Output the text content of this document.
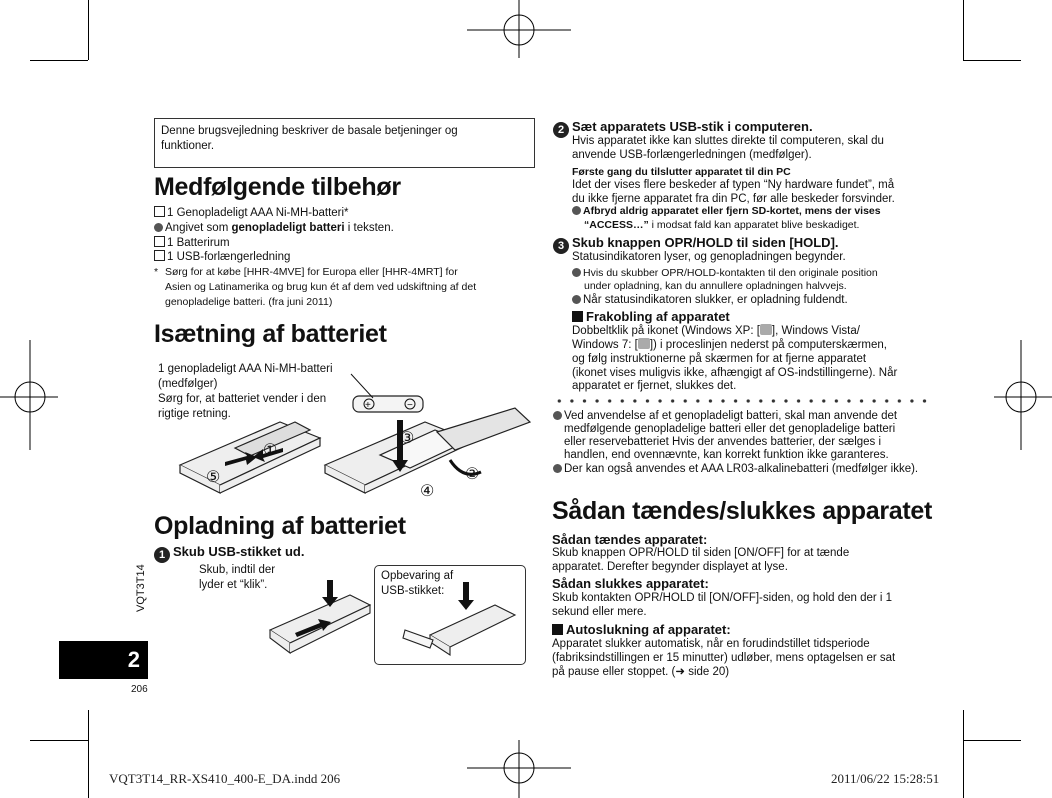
Denne brugsvejledning beskriver de basale betjeninger og
funktioner.
Medfølgende tilbehør
1 Genopladeligt AAA Ni-MH-batteri*
Angivet som genopladeligt batteri i teksten.
1 Batterirum
1 USB-forlængerledning
* Sørg for at købe [HHR-4MVE] for Europa eller [HHR-4MRT] for
Asien og Latinamerika og brug kun ét af dem ved udskiftning af det
genopladelige batteri. (fra juni 2011)
Isætning af batteriet
1 genopladeligt AAA Ni-MH-batteri
(medfølger)
Sørg for, at batteriet vender i den
rigtige retning.
+	−
①
②
③
④
⑤
Opladning af batteriet
1 Skub USB-stikket ud.
Skub, indtil der
lyder et “klik”.
Opbevaring af
USB-stikket:
2 Sæt apparatets USB-stik i computeren.
Hvis apparatet ikke kan sluttes direkte til computeren, skal du
anvende USB-forlængerledningen (medfølger).
Første gang du tilslutter apparatet til din PC
Idet der vises flere beskeder af typen “Ny hardware fundet”, må
du ikke fjerne apparatet fra din PC, før alle beskeder forsvinder.
Afbryd aldrig apparatet eller fjern SD-kortet, mens der vises
“ACCESS…” i modsat fald kan apparatet blive beskadiget.
3 Skub knappen OPR/HOLD til siden [HOLD].
Statusindikatoren lyser, og genopladningen begynder.
Hvis du skubber OPR/HOLD-kontakten til den originale position
under opladning, kan du annullere opladningen halvvejs.
Når statusindikatoren slukker, er opladning fuldendt.
Frakobling af apparatet
Dobbeltklik på ikonet (Windows XP: [ ], Windows Vista/
Windows 7: [ ]) i proceslinjen nederst på computerskærmen,
og følg instruktionerne på skærmen for at fjerne apparatet
(ikonet vises muligvis ikke, afhængigt af OS-indstillingerne). Når
apparatet er fjernet, slukkes det.
Ved anvendelse af et genopladeligt batteri, skal man anvende det
medfølgende genopladelige batteri eller det genopladelige batteri
eller reservebatteriet Hvis der anvendes batterier, der sælges i
handlen, end ovennævnte, kan korrekt funktion ikke garanteres.
Der kan også anvendes et AAA LR03-alkalinebatteri (medfølger ikke).
Sådan tændes/slukkes apparatet
Sådan tændes apparatet:
Skub knappen OPR/HOLD til siden [ON/OFF] for at tænde
apparatet. Derefter begynder displayet at lyse.
Sådan slukkes apparatet:
Skub kontakten OPR/HOLD til [ON/OFF]-siden, og hold den der i 1
sekund eller mere.
Autoslukning af apparatet:
Apparatet slukker automatisk, når en forudindstillet tidsperiode
(fabriksindstillingen er 15 minutter) udløber, mens optagelsen er sat
på pause eller stoppet. (➜ side 20)
VQT3T14
2
206
VQT3T14_RR-XS410_400-E_DA.indd 206	2011/06/22 15:28:51
